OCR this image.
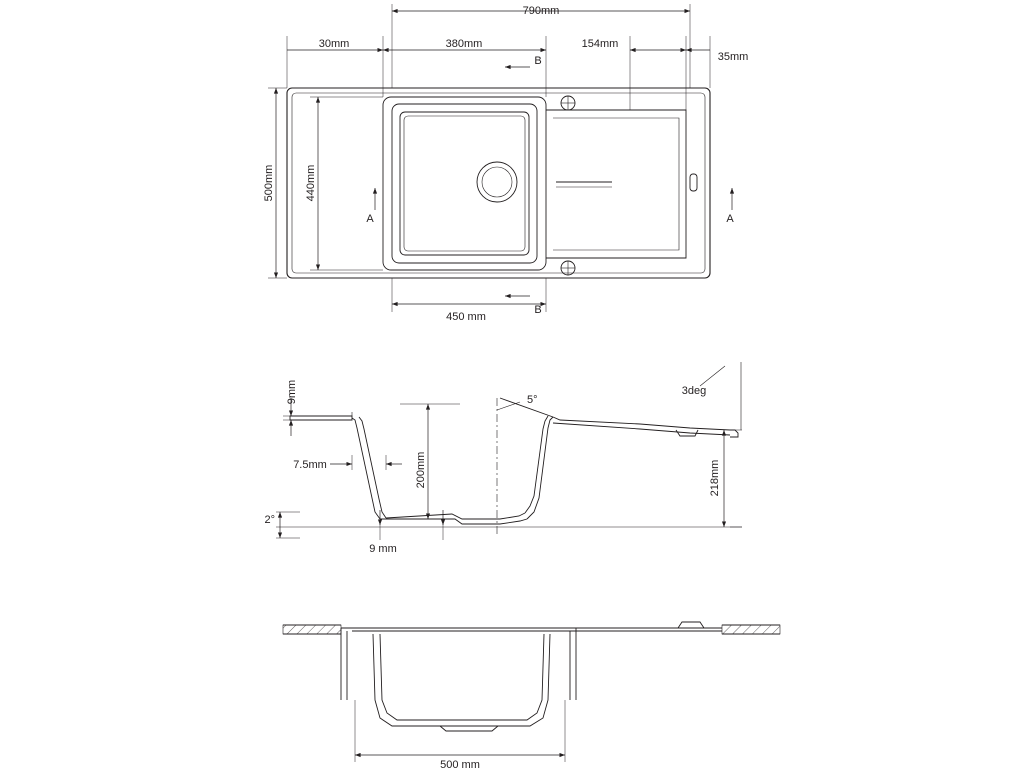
790mm
30mm	380mm	154mm
35mm
500mm	440mm
450 mm
A	A
B
B
9mm
7.5mm	200mm
9 mm
2°
5°
3deg
218mm
500 mm
